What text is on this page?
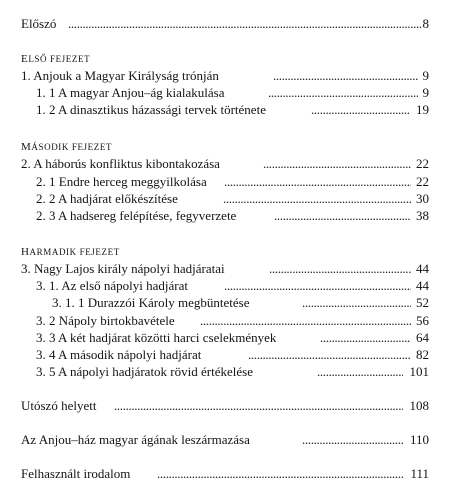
Előszó . . .	8
ELSŐ FEJEZET
1. Anjouk a Magyar Királyság trónján . . .	9
1. 1 A magyar Anjou–ág kialakulása . . .	9
1. 2 A dinasztikus házassági tervek története . . .	19
MÁSODIK FEJEZET
2. A háborús konfliktus kibontakozása . . .	22
2. 1 Endre herceg meggyilkolása . . .	22
2. 2 A hadjárat előkészítése . . .	30
2. 3 A hadsereg felépítése, fegyverzete . . .	38
HARMADIK FEJEZET
3. Nagy Lajos király nápolyi hadjáratai . . .	44
3. 1. Az első nápolyi hadjárat . . .	44
3. 1. 1 Durazzói Károly megbüntetése . . .	52
3. 2 Nápoly birtokbavétele . . .	56
3. 3 A két hadjárat közötti harci cselekmények . . .	64
3. 4 A második nápolyi hadjárat . . .	82
3. 5 A nápolyi hadjáratok rövid értékelése . . .	101
Utószó helyett . . .	108
Az Anjou–ház magyar ágának leszármazása . . .	110
Felhasznált irodalom . . .	111
